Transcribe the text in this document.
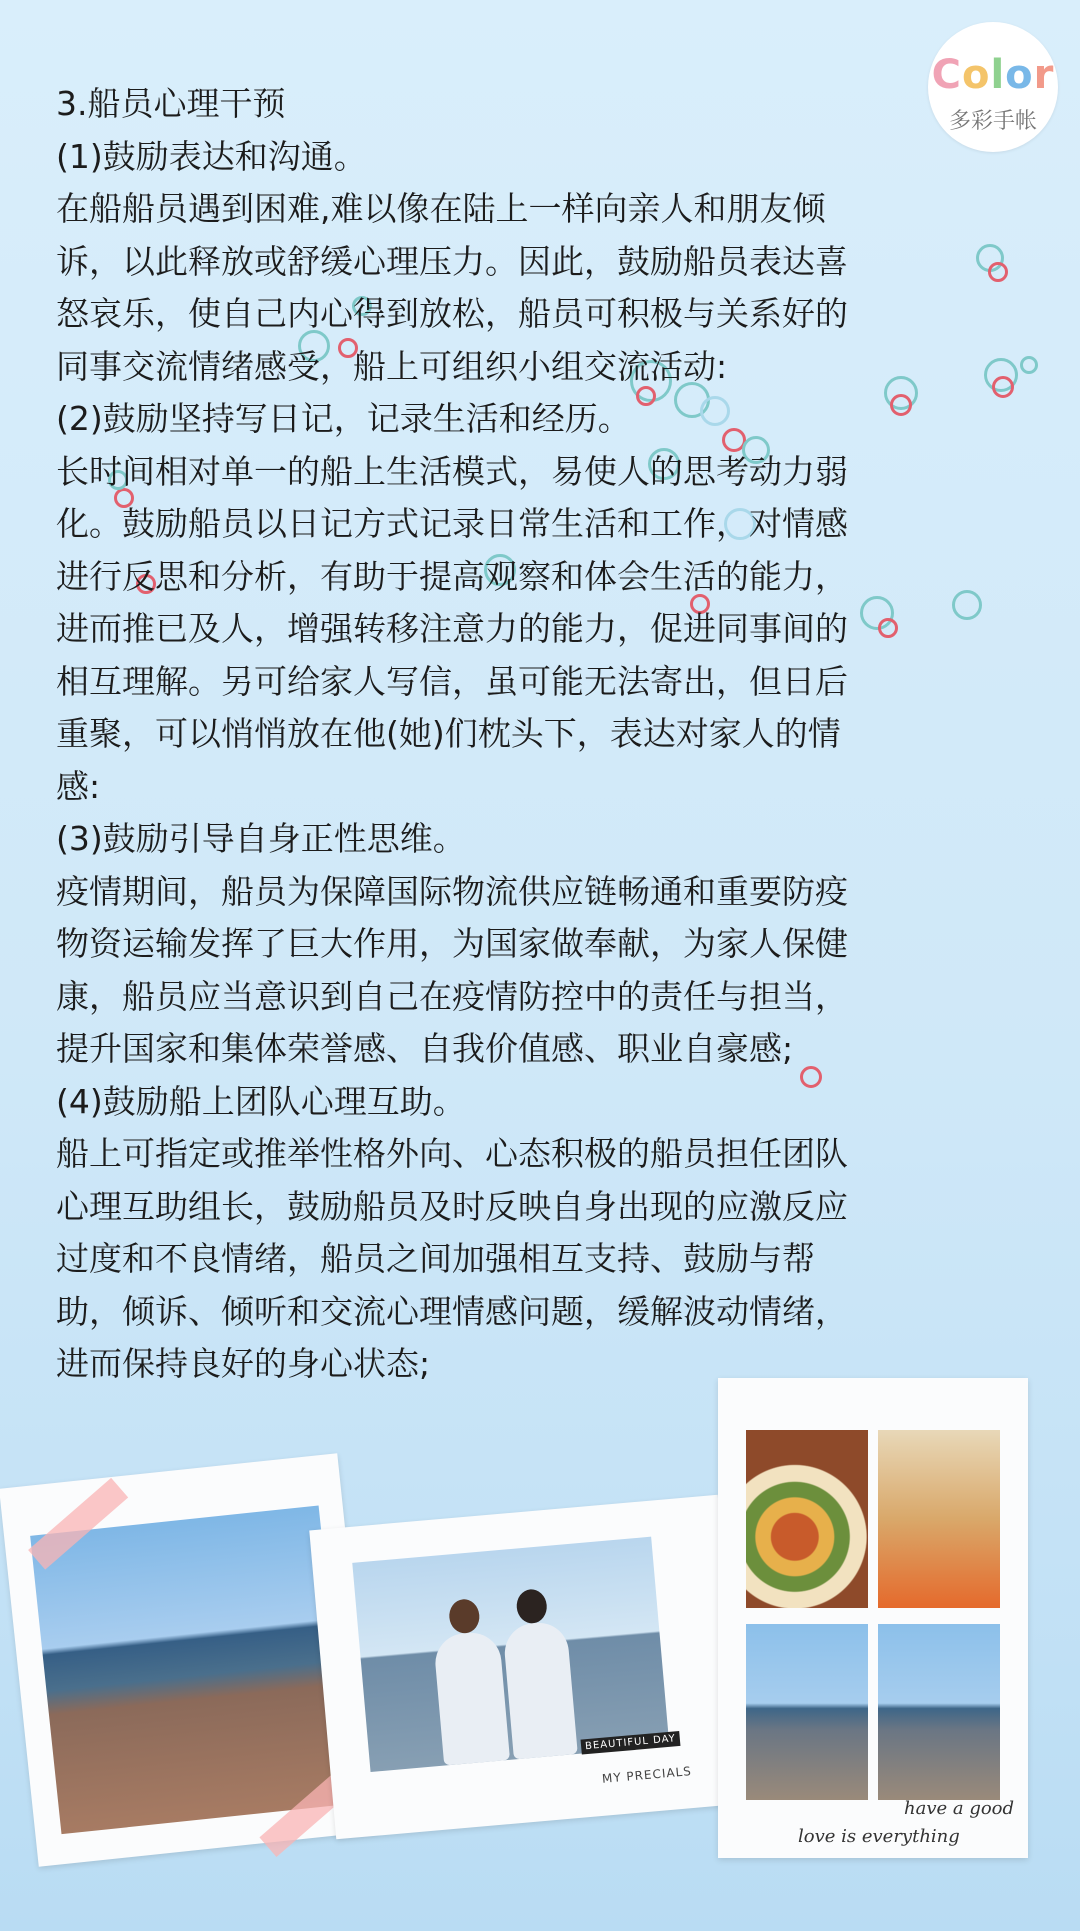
Color
多彩手帐

3.船员心理干预

(1)鼓励表达和沟通。

在船船员遇到困难,难以像在陆上一样向亲人和朋友倾

诉，以此释放或舒缓心理压力。因此，鼓励船员表达喜

怒哀乐，使自己内心得到放松，船员可积极与关系好的

同事交流情绪感受，船上可组织小组交流活动:

(2)鼓励坚持写日记，记录生活和经历。

长时间相对单一的船上生活模式，易使人的思考动力弱

化。鼓励船员以日记方式记录日常生活和工作，对情感

进行反思和分析，有助于提高观察和体会生活的能力，

进而推已及人，增强转移注意力的能力，促进同事间的

相互理解。另可给家人写信，虽可能无法寄出，但日后

重聚，可以悄悄放在他(她)们枕头下，表达对家人的情

感:

(3)鼓励引导自身正性思维。

疫情期间，船员为保障国际物流供应链畅通和重要防疫

物资运输发挥了巨大作用，为国家做奉献，为家人保健

康，船员应当意识到自己在疫情防控中的责任与担当，

提升国家和集体荣誉感、自我价值感、职业自豪感;

(4)鼓励船上团队心理互助。

船上可指定或推举性格外向、心态积极的船员担任团队

心理互助组长，鼓励船员及时反映自身出现的应激反应

过度和不良情绪，船员之间加强相互支持、鼓励与帮

助，倾诉、倾听和交流心理情感问题，缓解波动情绪，

进而保持良好的身心状态;

BEAUTIFUL DAY
MY PRECIALS
have a good
love is everything
